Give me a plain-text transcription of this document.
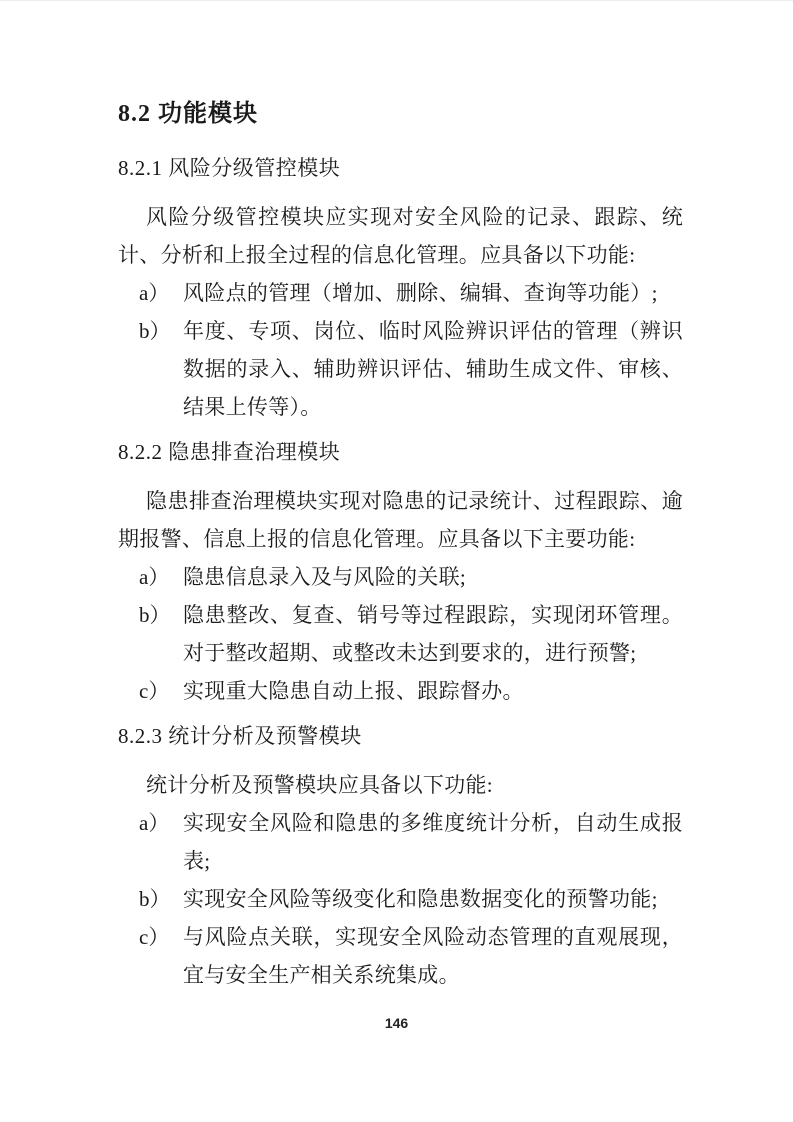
8.2 功能模块
8.2.1 风险分级管控模块

风险分级管控模块应实现对安全风险的记录、跟踪、统计、分析和上报全过程的信息化管理。应具备以下功能:

a） 风险点的管理（增加、删除、编辑、查询等功能）;
b） 年度、专项、岗位、临时风险辨识评估的管理（辨识数据的录入、辅助辨识评估、辅助生成文件、审核、结果上传等）。
8.2.2 隐患排查治理模块

隐患排查治理模块实现对隐患的记录统计、过程跟踪、逾期报警、信息上报的信息化管理。应具备以下主要功能:

a） 隐患信息录入及与风险的关联;
b） 隐患整改、复查、销号等过程跟踪，实现闭环管理。对于整改超期、或整改未达到要求的，进行预警;
c） 实现重大隐患自动上报、跟踪督办。
8.2.3 统计分析及预警模块

统计分析及预警模块应具备以下功能:

a） 实现安全风险和隐患的多维度统计分析，自动生成报表;
b） 实现安全风险等级变化和隐患数据变化的预警功能;
c） 与风险点关联，实现安全风险动态管理的直观展现，宜与安全生产相关系统集成。
146
